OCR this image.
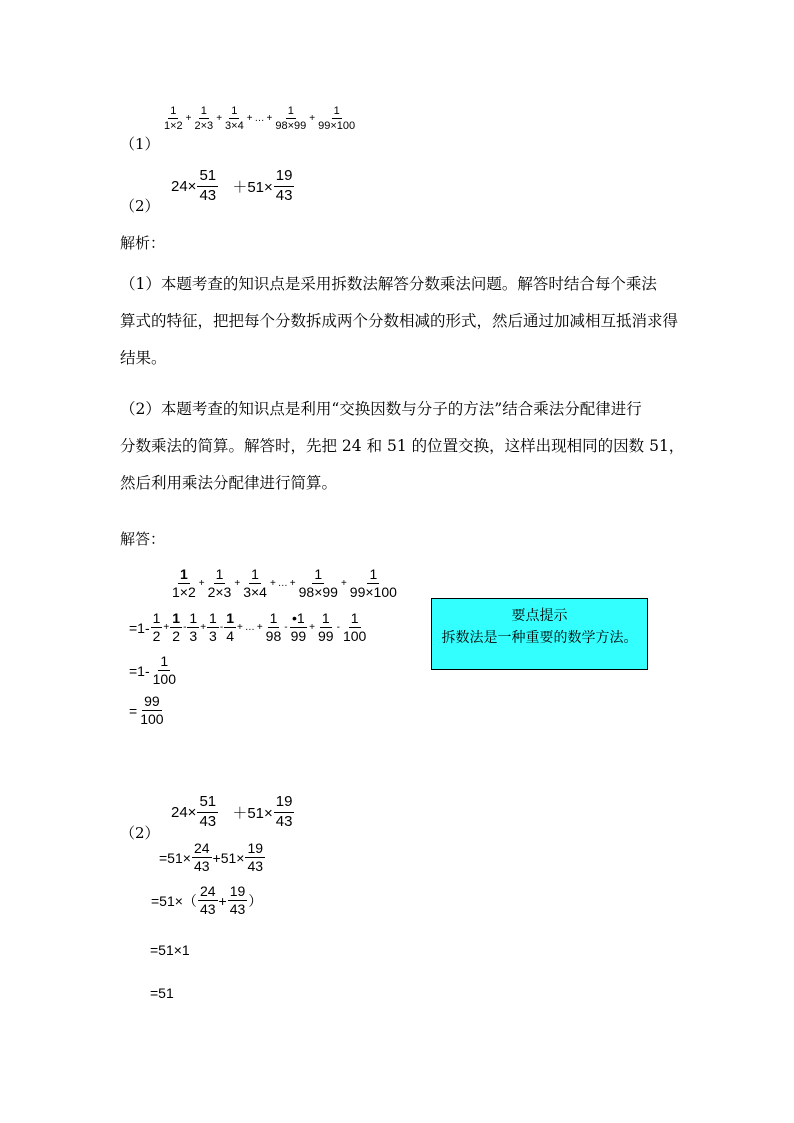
（1）
$\frac{1}{1\times 2} + \frac{1}{2\times 3} + \frac{1}{3\times 4}$ + … + $\frac{1}{98\times 99} + \frac{1}{99\times 100}$
（2）
$24\times \frac{51}{43} +51\times \frac{19}{43}$
解析：
（1）本题考查的知识点是采用拆数法解答分数乘法问题。解答时结合每个乘法
算式的特征，把把每个分数拆成两个分数相减的形式，然后通过加减相互抵消求得
结果。
（2）本题考查的知识点是利用“交换因数与分子的方法”结合乘法分配律进行
分数乘法的简算。解答时，先把 24 和 51 的位置交换，这样出现相同的因数 51，
然后利用乘法分配律进行简算。
解答：
$\frac{1}{1\times 2} + \frac{1}{2\times 3} + \frac{1}{3\times 4}$ + … + $\frac{1}{98\times 99} + \frac{1}{99\times 100}$
$=1- \frac{1}{2} + \frac{1}{2} - \frac{1}{3} + \frac{1}{3} - \frac{1}{4}$ + … + $\frac{1}{98} - \frac{•1}{99} + \frac{1}{99} - \frac{1}{100}$
$=1- \frac{1}{100}$
= $\frac{99}{100}$
要点提示
拆数法是一种重要的数学方法。
（2）
$24\times \frac{51}{43} +51\times \frac{19}{43}$
$=51\times \frac{24}{43} +51\times \frac{19}{43}$
$=51\times( \frac{24}{43} + \frac{19}{43}$ ）
=51×1
=51
